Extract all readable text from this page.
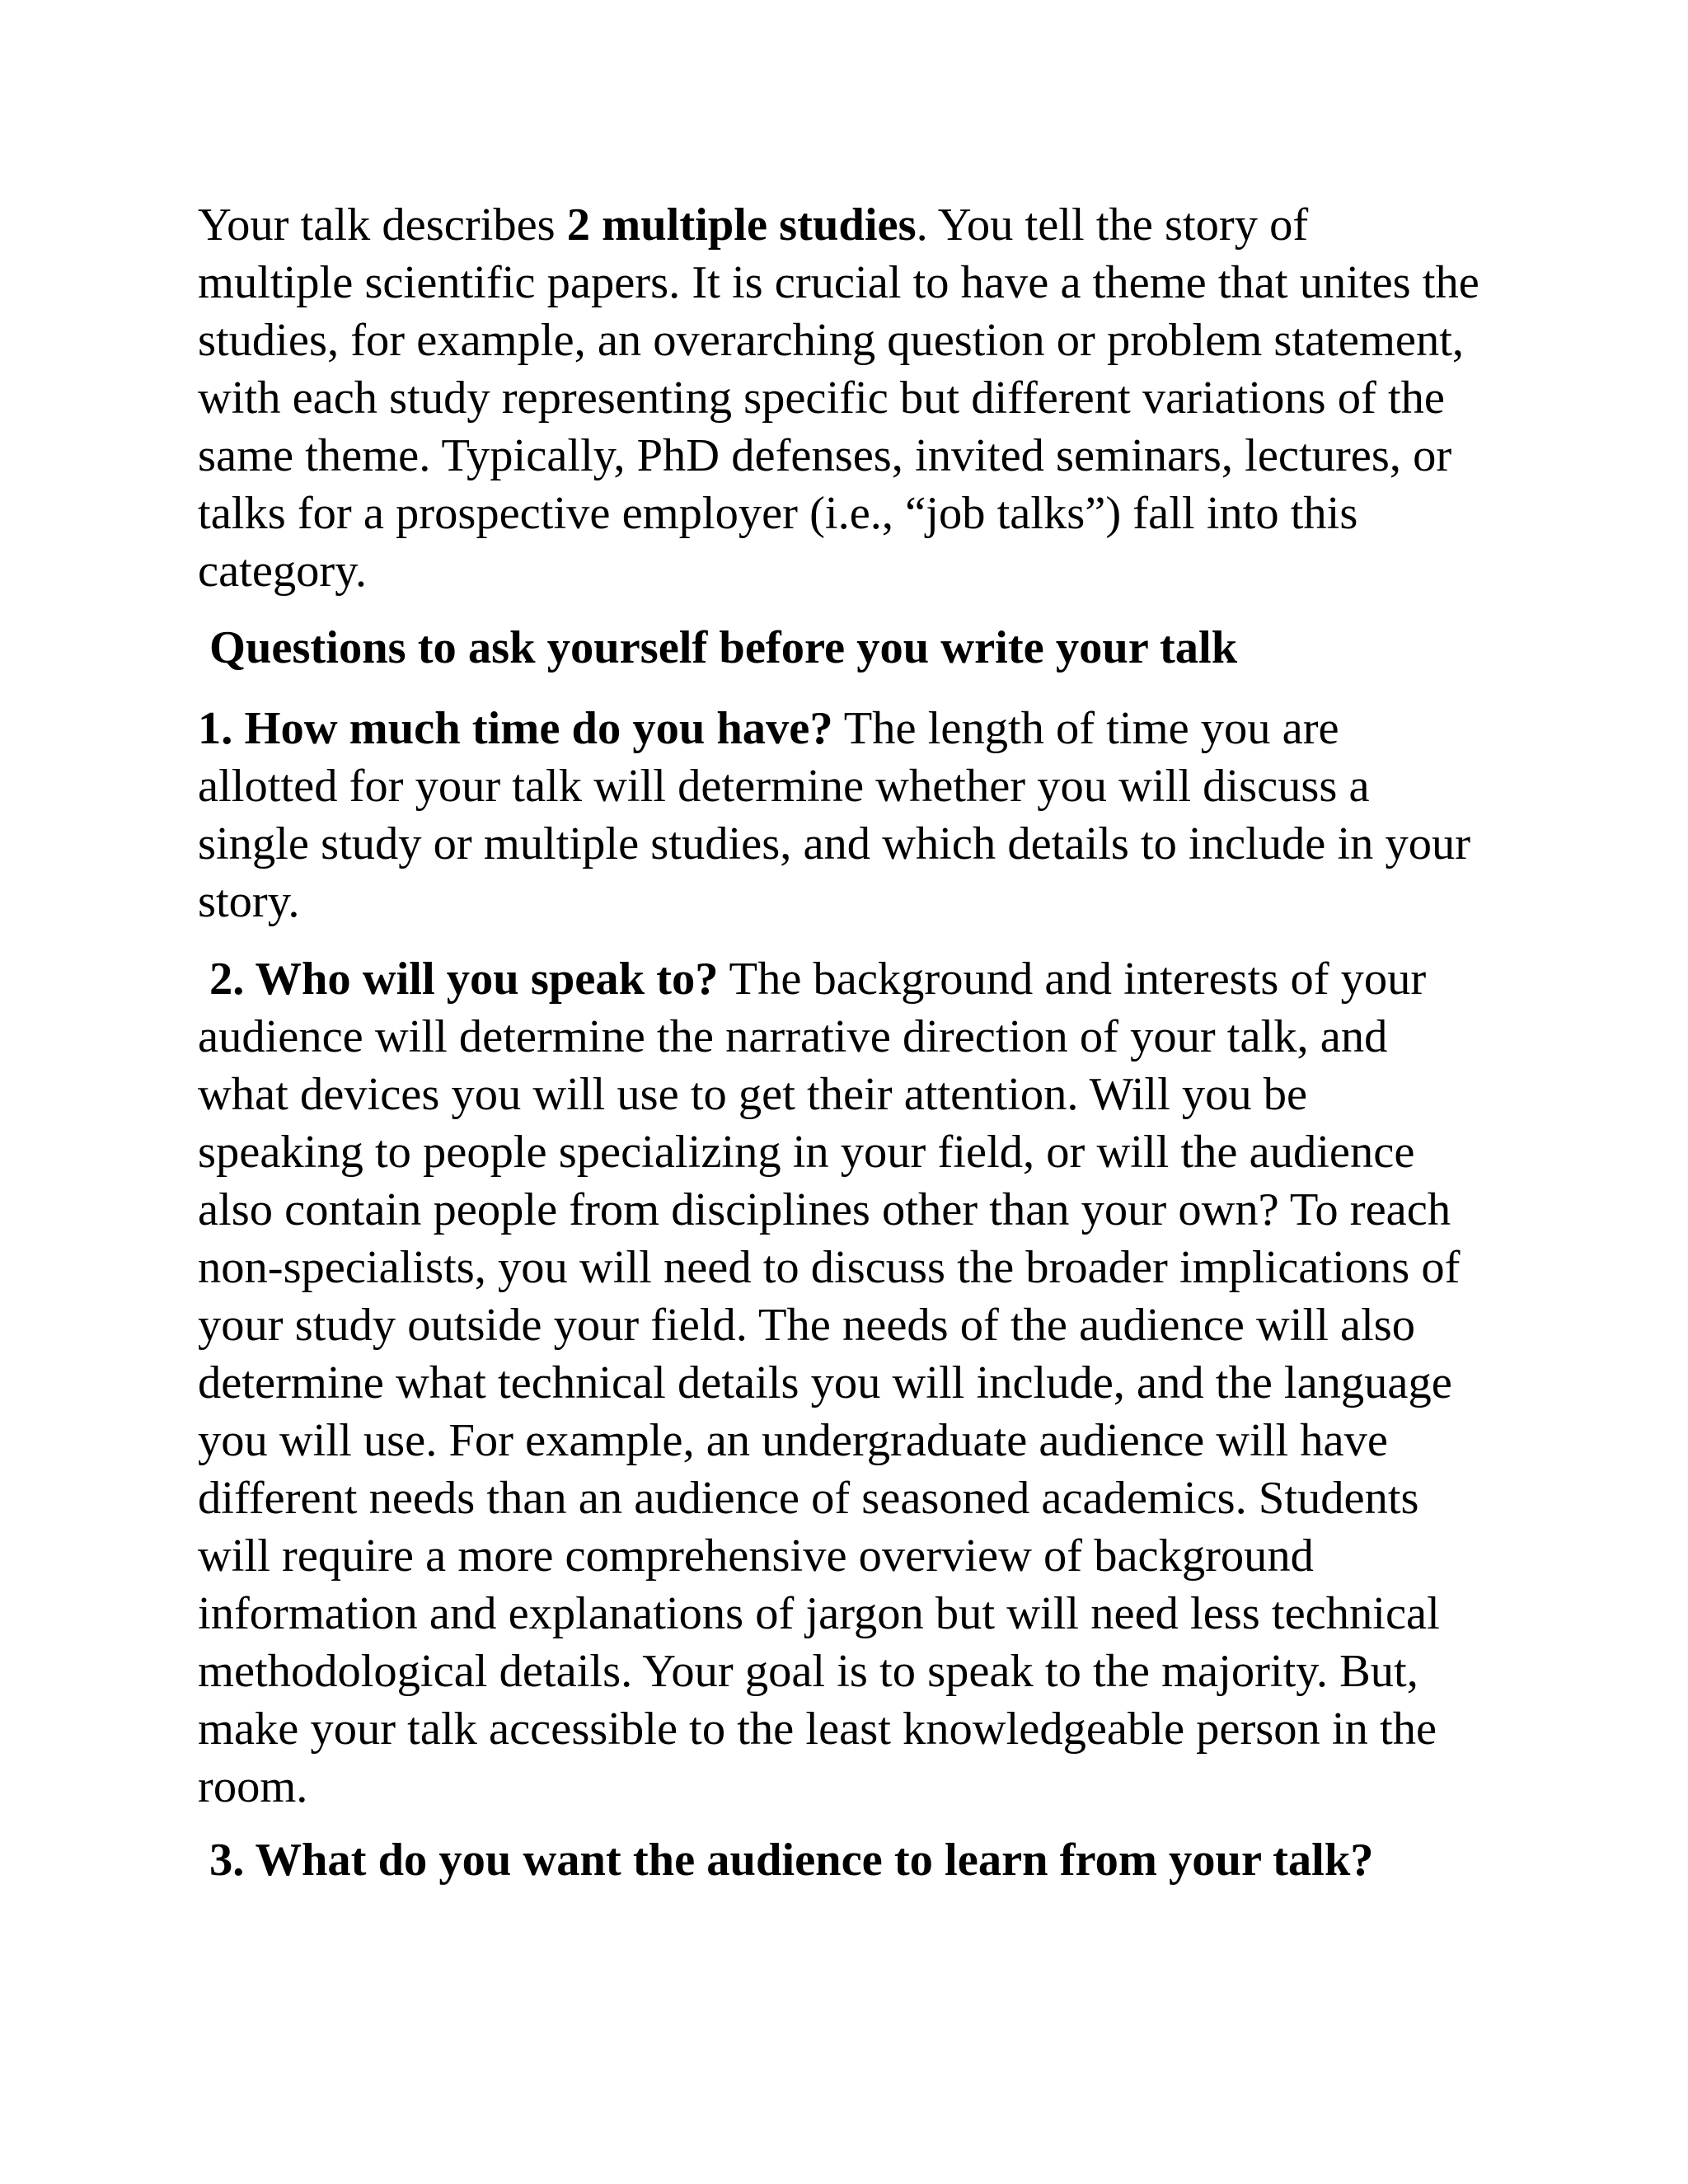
Your talk describes 2 multiple studies. You tell the story of
multiple scientific papers. It is crucial to have a theme that unites the
studies, for example, an overarching question or problem statement,
with each study representing specific but different variations of the
same theme. Typically, PhD defenses, invited seminars, lectures, or
talks for a prospective employer (i.e., “job talks”) fall into this
category.
Questions to ask yourself before you write your talk
1. How much time do you have? The length of time you are
allotted for your talk will determine whether you will discuss a
single study or multiple studies, and which details to include in your
story.
2. Who will you speak to? The background and interests of your
audience will determine the narrative direction of your talk, and
what devices you will use to get their attention. Will you be
speaking to people specializing in your field, or will the audience
also contain people from disciplines other than your own? To reach
non-specialists, you will need to discuss the broader implications of
your study outside your field. The needs of the audience will also
determine what technical details you will include, and the language
you will use. For example, an undergraduate audience will have
different needs than an audience of seasoned academics. Students
will require a more comprehensive overview of background
information and explanations of jargon but will need less technical
methodological details. Your goal is to speak to the majority. But,
make your talk accessible to the least knowledgeable person in the
room.
3. What do you want the audience to learn from your talk?
